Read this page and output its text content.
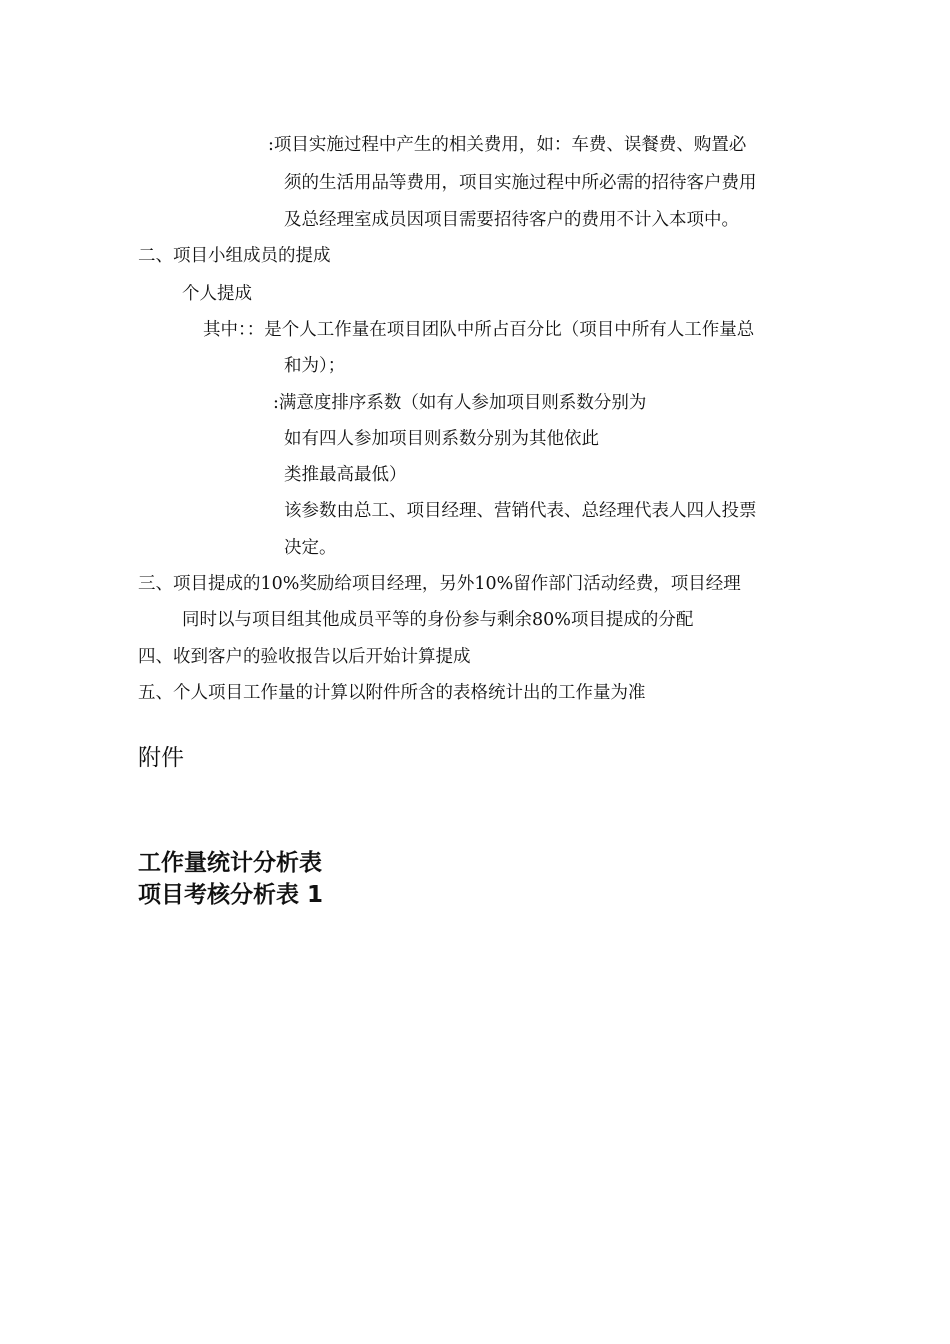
:项目实施过程中产生的相关费用，如：车费、误餐费、购置必
须的生活用品等费用，项目实施过程中所必需的招待客户费用
及总经理室成员因项目需要招待客户的费用不计入本项中。
二、项目小组成员的提成
个人提成
其中：：是个人工作量在项目团队中所占百分比（项目中所有人工作量总
和为）；
:满意度排序系数（如有人参加项目则系数分别为
如有四人参加项目则系数分别为其他依此
类推最高最低）
该参数由总工、项目经理、营销代表、总经理代表人四人投票
决定。
三、项目提成的10%奖励给项目经理，另外10%留作部门活动经费，项目经理
同时以与项目组其他成员平等的身份参与剩余80%项目提成的分配
四、收到客户的验收报告以后开始计算提成
五、个人项目工作量的计算以附件所含的表格统计出的工作量为准
附件
工作量统计分析表
项目考核分析表 1
